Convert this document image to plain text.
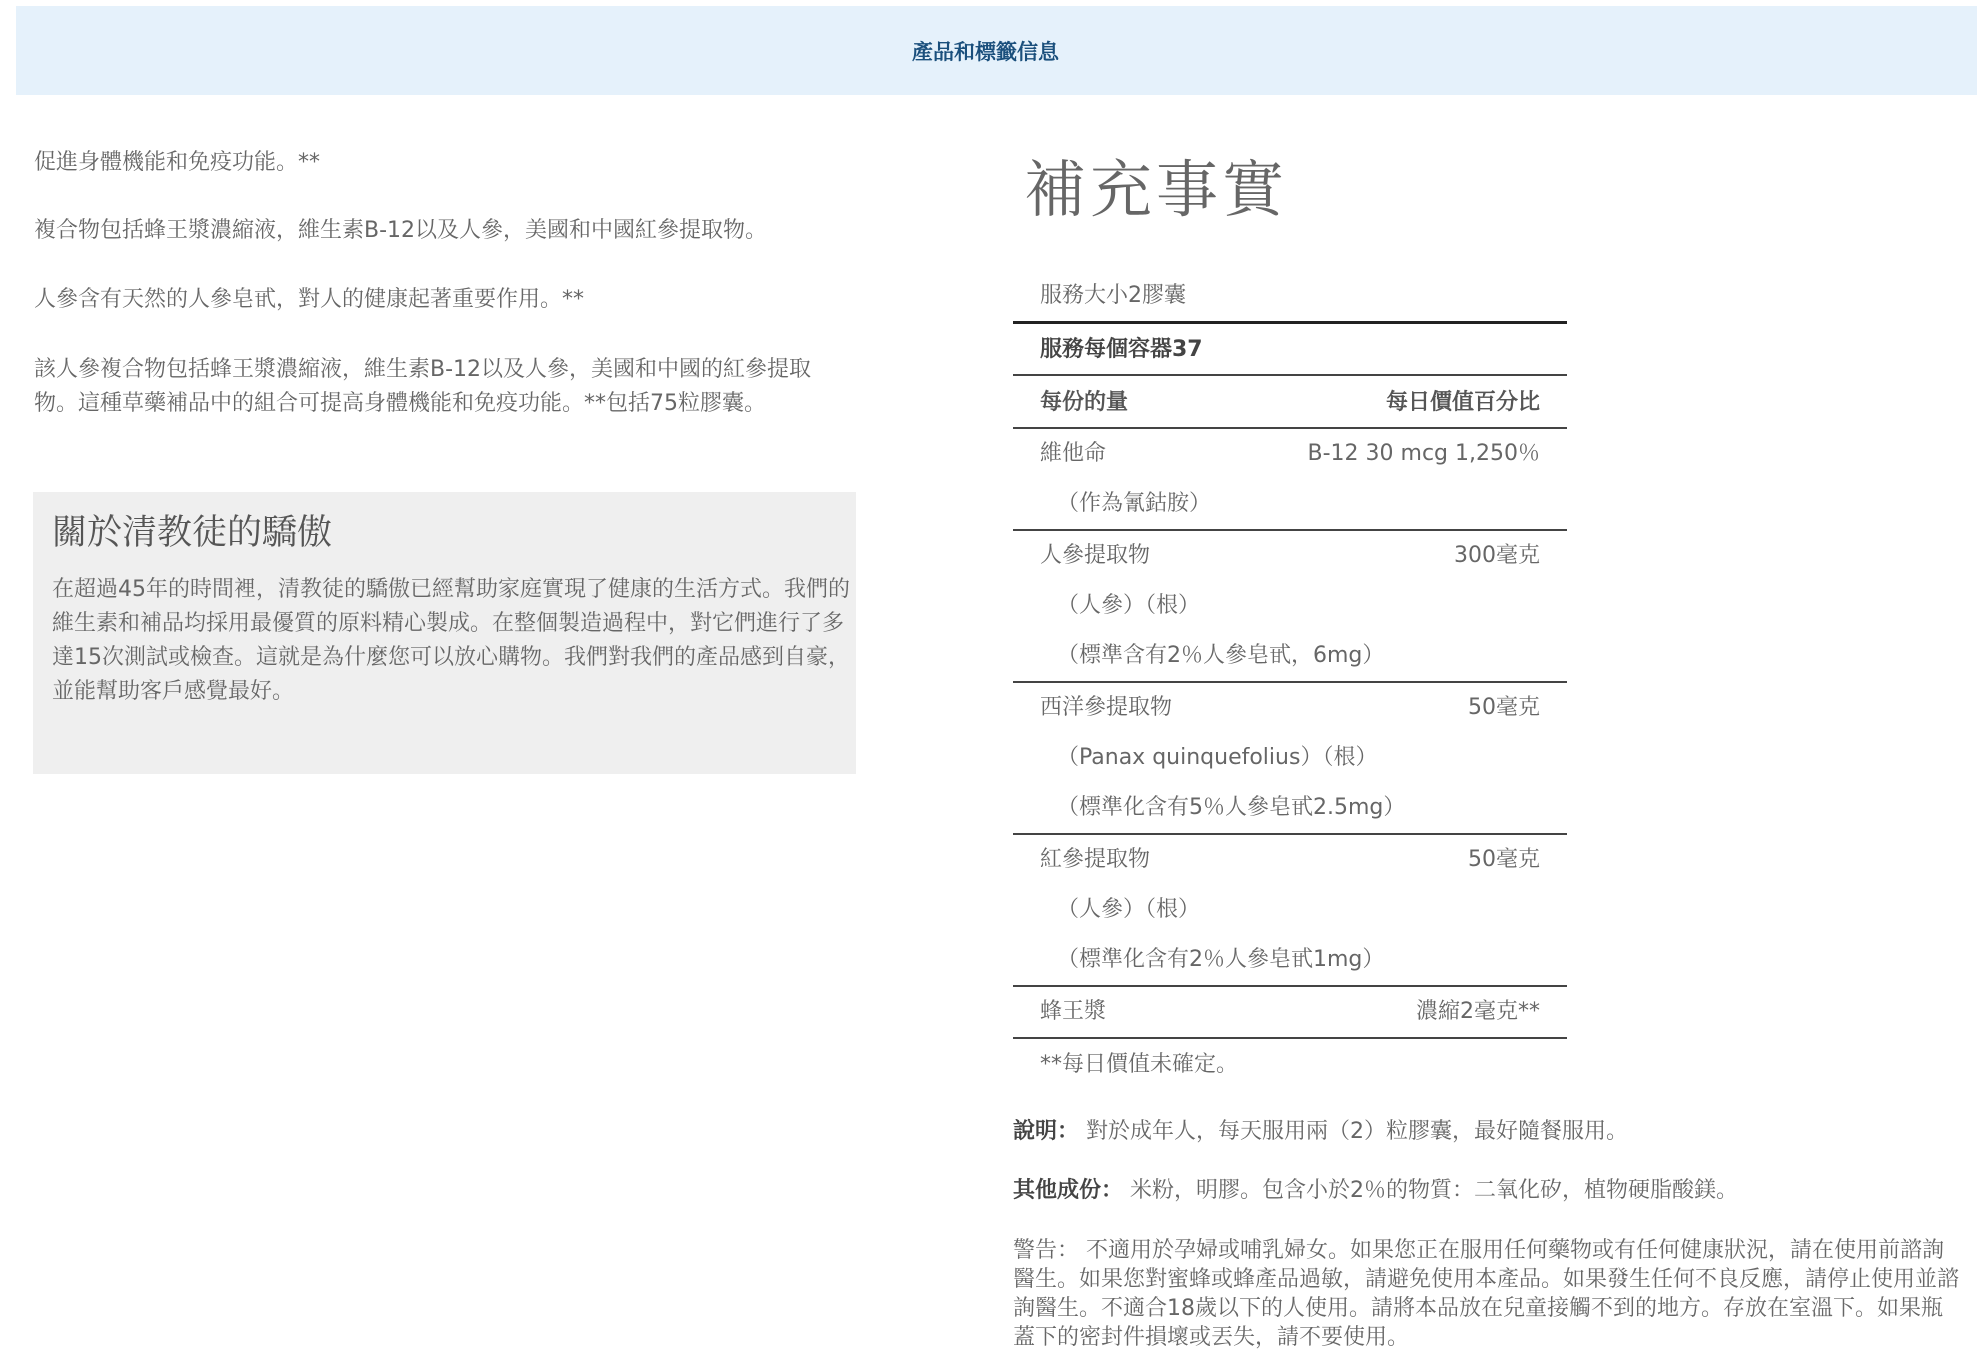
產品和標籤信息

促進身體機能和免疫功能。**

複合物包括蜂王漿濃縮液，維生素B-12以及人參，美國和中國紅參提取物。

人參含有天然的人參皂甙，對人的健康起著重要作用。**

該人參複合物包括蜂王漿濃縮液，維生素B-12以及人參，美國和中國的紅參提取物。這種草藥補品中的組合可提高身體機能和免疫功能。**包括75粒膠囊。

關於清教徒的驕傲
在超過45年的時間裡，清教徒的驕傲已經幫助家庭實現了健康的生活方式。我們的維生素和補品均採用最優質的原料精心製成。在整個製造過程中，對它們進行了多達15次測試或檢查。這就是為什麼您可以放心購物。我們對我們的產品感到自豪，並能幫助客戶感覺最好。
補充事實
服務大小2膠囊
服務每個容器37
每份的量	每日價值百分比
維他命	B-12 30 mcg 1,250％
（作為氰鈷胺）
人參提取物	300毫克
（人參）（根）
（標準含有2％人參皂甙，6mg）
西洋參提取物	50毫克
（Panax quinquefolius）（根）
（標準化含有5％人參皂甙2.5mg）
紅參提取物	50毫克
（人參）（根）
（標準化含有2％人參皂甙1mg）
蜂王漿	濃縮2毫克**
**每日價值未確定。
說明： 對於成年人，每天服用兩（2）粒膠囊，最好隨餐服用。
其他成份： 米粉，明膠。包含小於2％的物質：二氧化矽，植物硬脂酸鎂。
警告： 不適用於孕婦或哺乳婦女。如果您正在服用任何藥物或有任何健康狀況，請在使用前諮詢醫生。如果您對蜜蜂或蜂產品過敏，請避免使用本產品。如果發生任何不良反應，請停止使用並諮詢醫生。不適合18歲以下的人使用。請將本品放在兒童接觸不到的地方。存放在室溫下。如果瓶蓋下的密封件損壞或丟失，請不要使用。
